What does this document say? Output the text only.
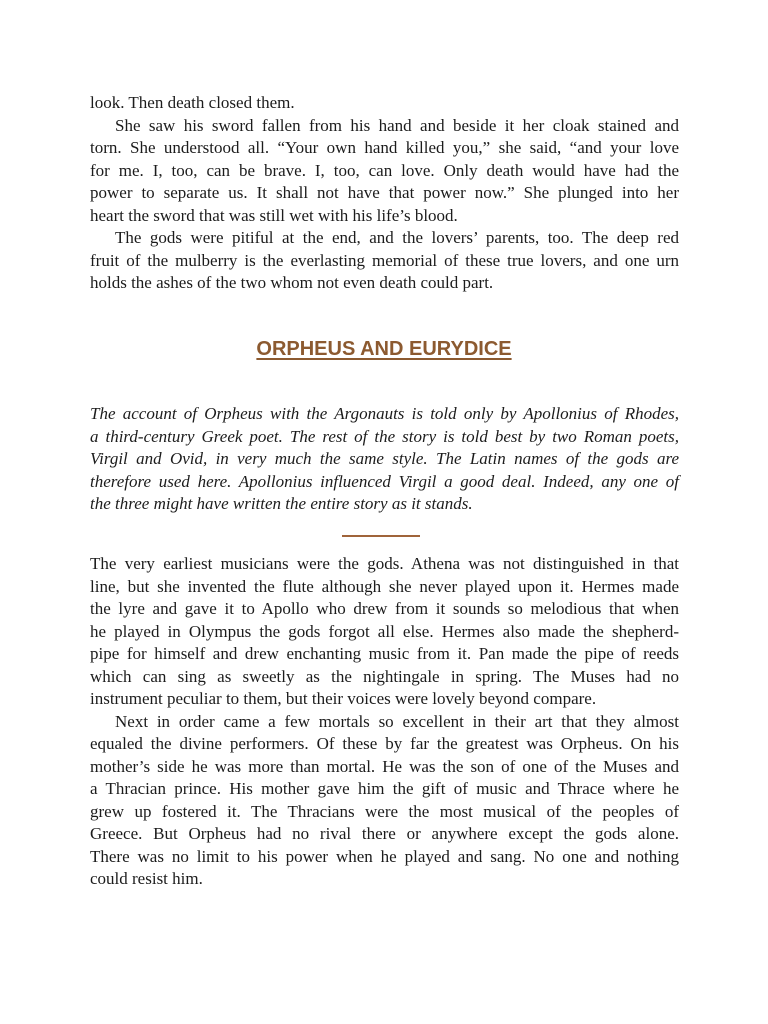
look. Then death closed them.
She saw his sword fallen from his hand and beside it her cloak stained and
torn. She understood all. “Your own hand killed you,” she said, “and your love
for me. I, too, can be brave. I, too, can love. Only death would have had the
power to separate us. It shall not have that power now.” She plunged into her
heart the sword that was still wet with his life’s blood.
The gods were pitiful at the end, and the lovers’ parents, too. The deep red
fruit of the mulberry is the everlasting memorial of these true lovers, and one urn
holds the ashes of the two whom not even death could part.
ORPHEUS AND EURYDICE
The account of Orpheus with the Argonauts is told only by Apollonius of Rhodes,
a third-century Greek poet. The rest of the story is told best by two Roman poets,
Virgil and Ovid, in very much the same style. The Latin names of the gods are
therefore used here. Apollonius influenced Virgil a good deal. Indeed, any one of
the three might have written the entire story as it stands.
The very earliest musicians were the gods. Athena was not distinguished in that
line, but she invented the flute although she never played upon it. Hermes made
the lyre and gave it to Apollo who drew from it sounds so melodious that when
he played in Olympus the gods forgot all else. Hermes also made the shepherd-
pipe for himself and drew enchanting music from it. Pan made the pipe of reeds
which can sing as sweetly as the nightingale in spring. The Muses had no
instrument peculiar to them, but their voices were lovely beyond compare.
Next in order came a few mortals so excellent in their art that they almost
equaled the divine performers. Of these by far the greatest was Orpheus. On his
mother’s side he was more than mortal. He was the son of one of the Muses and
a Thracian prince. His mother gave him the gift of music and Thrace where he
grew up fostered it. The Thracians were the most musical of the peoples of
Greece. But Orpheus had no rival there or anywhere except the gods alone.
There was no limit to his power when he played and sang. No one and nothing
could resist him.
